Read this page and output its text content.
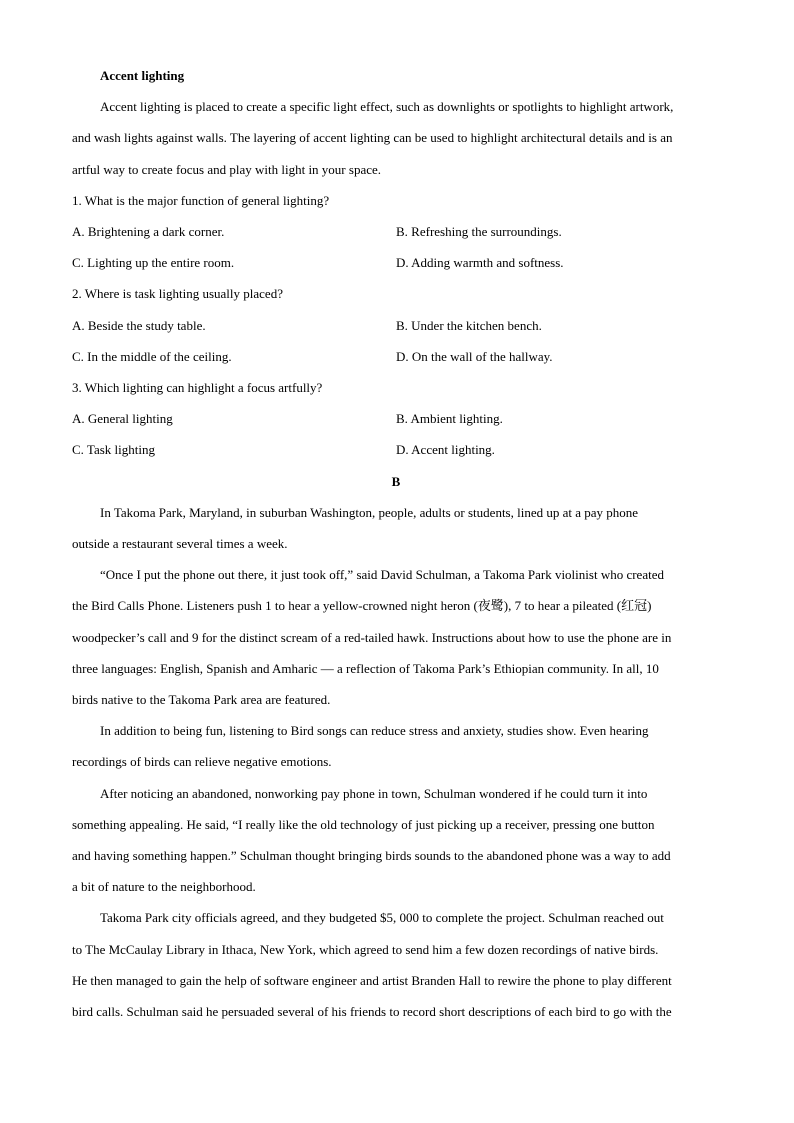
Accent lighting
Accent lighting is placed to create a specific light effect, such as downlights or spotlights to highlight artwork,
and wash lights against walls. The layering of accent lighting can be used to highlight architectural details and is an
artful way to create focus and play with light in your space.
1. What is the major function of general lighting?
A. Brightening a dark corner.	B. Refreshing the surroundings.
C. Lighting up the entire room.	D. Adding warmth and softness.
2. Where is task lighting usually placed?
A. Beside the study table.	B. Under the kitchen bench.
C. In the middle of the ceiling.	D. On the wall of the hallway.
3. Which lighting can highlight a focus artfully?
A. General lighting	B. Ambient lighting.
C. Task lighting	D. Accent lighting.
B
In Takoma Park, Maryland, in suburban Washington, people, adults or students, lined up at a pay phone
outside a restaurant several times a week.
“Once I put the phone out there, it just took off,” said David Schulman, a Takoma Park violinist who created
the Bird Calls Phone. Listeners push 1 to hear a yellow-crowned night heron (夜鹭), 7 to hear a pileated (红冠)
woodpecker’s call and 9 for the distinct scream of a red-tailed hawk. Instructions about how to use the phone are in
three languages: English, Spanish and Amharic — a reflection of Takoma Park’s Ethiopian community. In all, 10
birds native to the Takoma Park area are featured.
In addition to being fun, listening to Bird songs can reduce stress and anxiety, studies show. Even hearing
recordings of birds can relieve negative emotions.
After noticing an abandoned, nonworking pay phone in town, Schulman wondered if he could turn it into
something appealing. He said, “I really like the old technology of just picking up a receiver, pressing one button
and having something happen.” Schulman thought bringing birds sounds to the abandoned phone was a way to add
a bit of nature to the neighborhood.
Takoma Park city officials agreed, and they budgeted $5, 000 to complete the project. Schulman reached out
to The McCaulay Library in Ithaca, New York, which agreed to send him a few dozen recordings of native birds.
He then managed to gain the help of software engineer and artist Branden Hall to rewire the phone to play different
bird calls. Schulman said he persuaded several of his friends to record short descriptions of each bird to go with the
